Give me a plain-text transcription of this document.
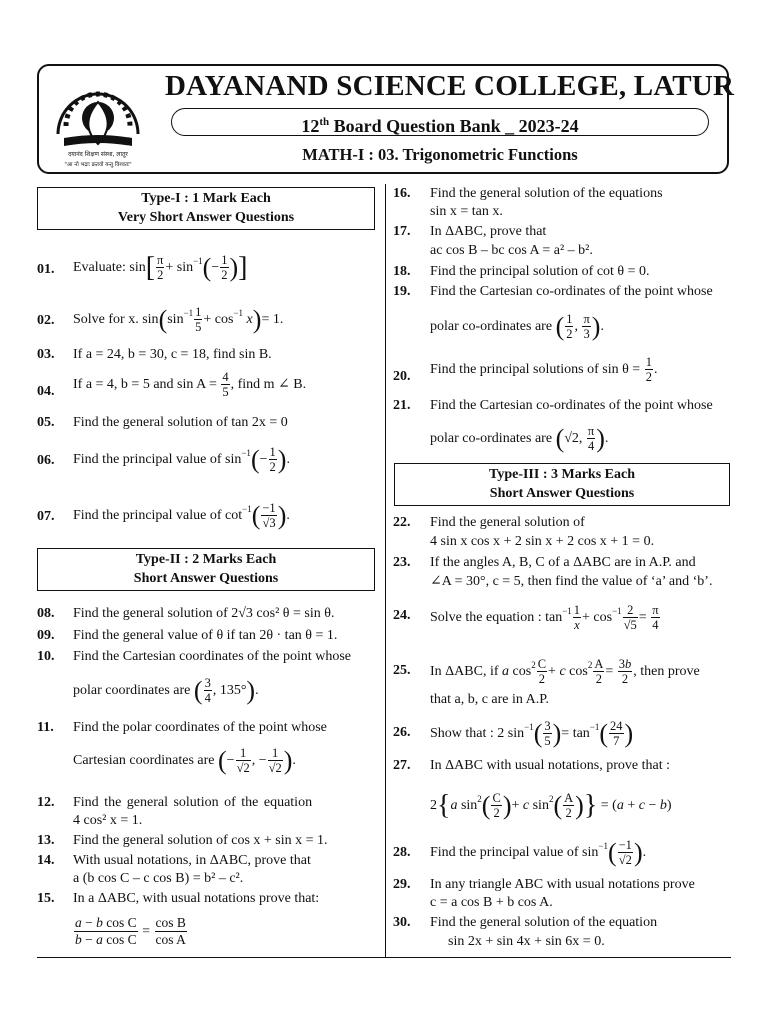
दयानंद शिक्षण संस्था, लातूर
"आ नो भद्राः क्रतवो यन्तु विश्वतः"
DAYANAND SCIENCE COLLEGE, LATUR
12th Board Question Bank _ 2023-24
MATH-I : 03. Trigonometric Functions
Type-I : 1 Mark Each
Very Short Answer Questions
01. Evaluate: $\sin[ \frac{\pi}{2} + \sin^{-1}(- \frac{1}{2}$ )]
02. Solve for x. $\sin(\sin^{-1} \frac{1}{5} + \cos^{-1} x)= 1$.
03. If a = 24, b = 30, c = 18, find sin B.
04. If a = 4, b = 5 and $\sin A = \frac{4}{5}$ , find m ∠ B.
05. Find the general solution of tan 2x = 0
06. Find the principal value of $\sin^{-1}(- \frac{1}{2}$ ).
07. Find the principal value of $\cot^{-1}( \frac{-1}{√3}$ ).
Type-II : 2 Marks Each
Short Answer Questions
08. Find the general solution of 2√3 cos² θ = sin θ.
09. Find the general value of θ if tan 2θ · tan θ = 1.
10. Find the Cartesian coordinates of the point whose
polar coordinates are ( $\frac{3}{4}$ , 135°).
11. Find the polar coordinates of the point whose
Cartesian coordinates are (− $\frac{1}{√2}$ , − $\frac{1}{√2}$ ).
12. Find the general solution of the equation
4 cos² x = 1.
13. Find the general solution of cos x + sin x = 1.
14. With usual notations, in ΔABC, prove that
a (b cos C – c cos B) = b² – c².
15. In a ΔABC, with usual notations prove that:
$\frac{\text{a − b cos C}}{\text{b − a cos C}} = \frac{\text{cos B}}{\text{cos A}}$
16. Find the general solution of the equations
sin x = tan x.
17. In ΔABC, prove that
ac cos B – bc cos A = a² – b².
18. Find the principal solution of cot θ = 0.
19. Find the Cartesian co-ordinates of the point whose
polar co-ordinates are ( $\frac{1}{2}$ , $\frac{\pi}{3}$ ).
20. Find the principal solutions of $\sin \theta = \frac{1}{2}$ .
21. Find the Cartesian co-ordinates of the point whose
polar co-ordinates are (√2, $\frac{\pi}{4}$ ).
Type-III : 3 Marks Each
Short Answer Questions
22. Find the general solution of
4 sin x cos x + 2 sin x + 2 cos x + 1 = 0.
23. If the angles A, B, C of a ΔABC are in A.P. and
∠A = 30°, c = 5, then find the value of ‘a’ and ‘b’.
24. Solve the equation : $\tan^{-1} \frac{1}{x} + \cos^{-1} \frac{2}{√5} = \frac{\pi}{4}$
25. In ΔABC, if a $\cos^2 \frac{C}{2} + c$ $\cos^2 \frac{A}{2} = \frac{3b}{2}$ , then prove
that a, b, c are in A.P.
26. Show that : 2 $\sin^{-1}( \frac{3}{5}$ )= $\tan^{-1}( \frac{24}{7}$ )
27. In ΔABC with usual notations, prove that :
2{a $\sin^2( \frac{C}{2}$ )+ c $\sin^2( \frac{A}{2}$ )} = (a + c − b)
28. Find the principal value of $\sin^{-1}( \frac{-1}{√2}$ ).
29. In any triangle ABC with usual notations prove
c = a cos B + b cos A.
30. Find the general solution of the equation
sin 2x + sin 4x + sin 6x = 0.
